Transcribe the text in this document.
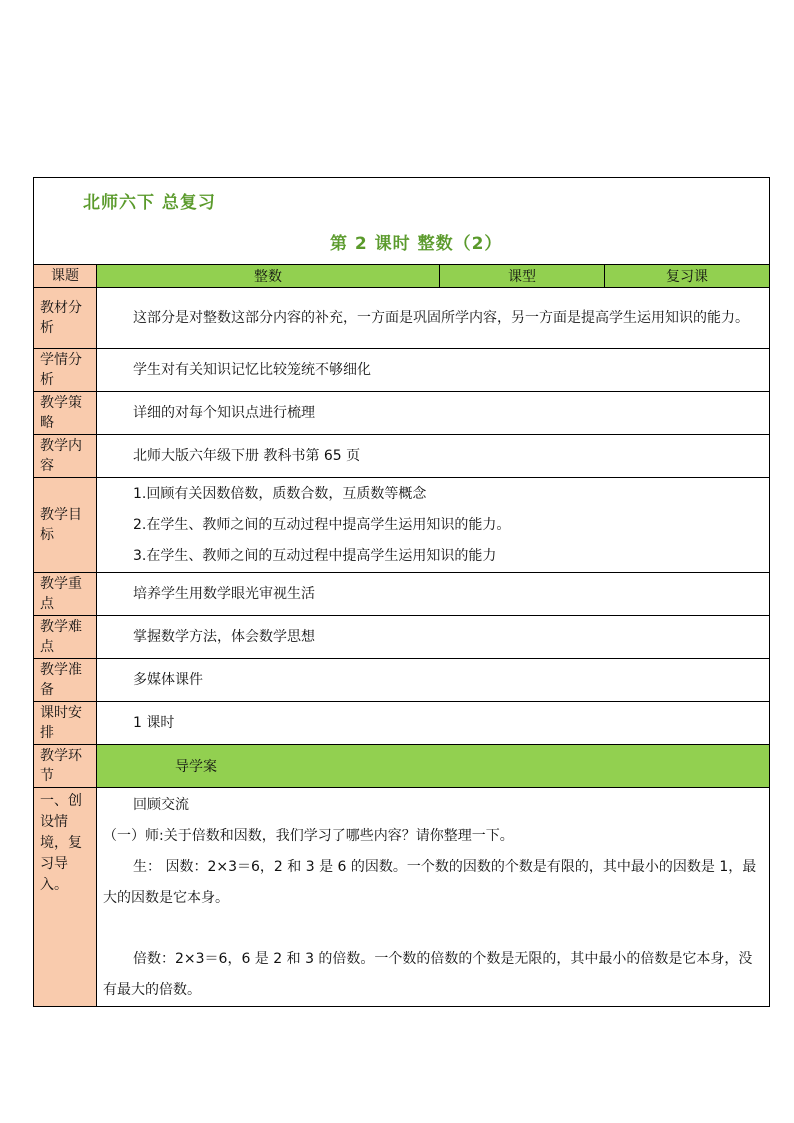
北师六下 总复习
第 2 课时 整数（2）			

课题	整数	课型	复习课
教材分析	这部分是对整数这部分内容的补充，一方面是巩固所学内容，另一方面是提高学生运用知识的能力。		

学情分析	学生对有关知识记忆比较笼统不够细化		
教学策略	详细的对每个知识点进行梳理		
教学内容	北师大版六年级下册 教科书第 65 页		
教学目标	1.回顾有关因数倍数，质数合数，互质数等概念
2.在学生、教师之间的互动过程中提高学生运用知识的能力。
3.在学生、教师之间的互动过程中提高学生运用知识的能力		

教学重点	培养学生用数学眼光审视生活		
教学难点	掌握数学方法，体会数学思想		
教学准备	多媒体课件		
课时安排	1 课时		
教学环节	导学案		
一、创设情境，复习导入。	回顾交流
（一）师:关于倍数和因数，我们学习了哪些内容？请你整理一下。
生： 因数：2×3＝6，2 和 3 是 6 的因数。一个数的因数的个数是有限的，其中最小的因数是 1，最大的因数是它本身。
倍数：2×3＝6，6 是 2 和 3 的倍数。一个数的倍数的个数是无限的，其中最小的倍数是它本身，没有最大的倍数。		
